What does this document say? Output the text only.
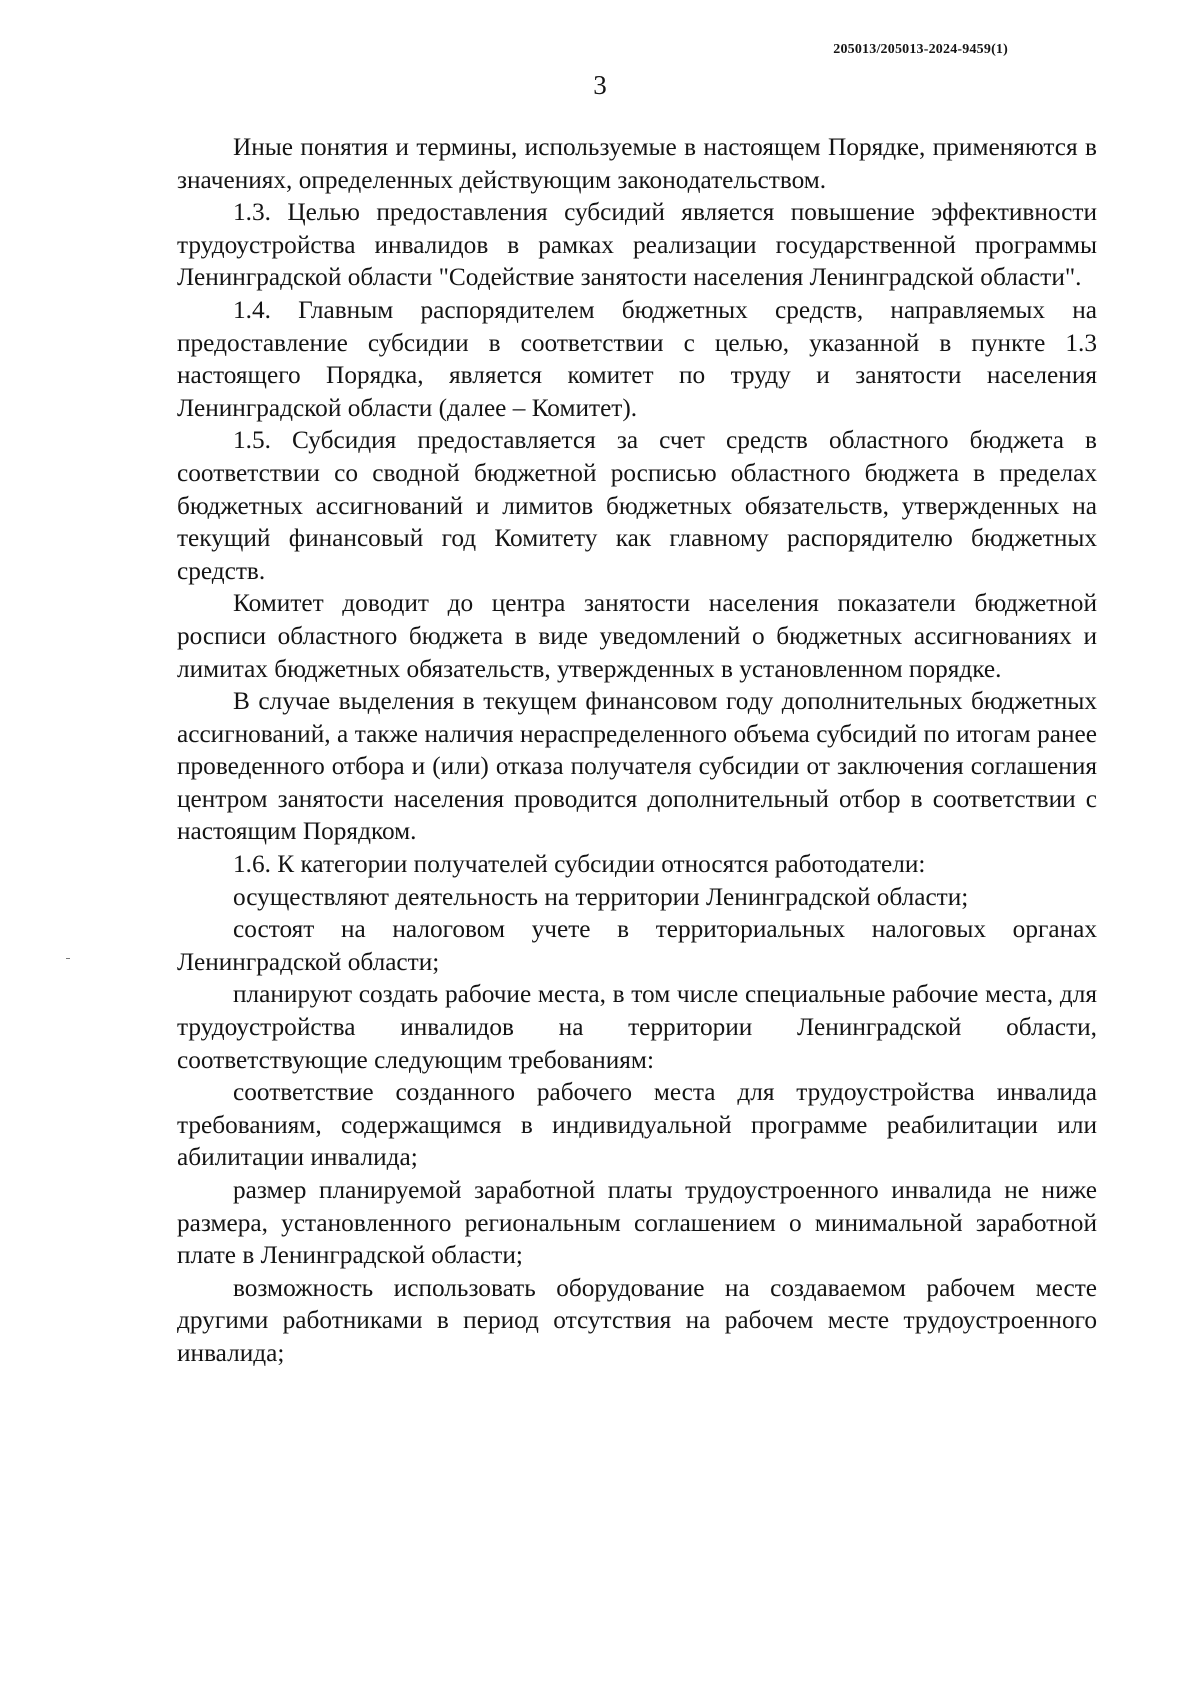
205013/205013-2024-9459(1)
3

Иные понятия и термины, используемые в настоящем Порядке, применяются в значениях, определенных действующим законодательством.

1.3. Целью предоставления субсидий является повышение эффективности трудоустройства инвалидов в рамках реализации государственной программы Ленинградской области "Содействие занятости населения Ленинградской области".

1.4. Главным распорядителем бюджетных средств, направляемых на предоставление субсидии в соответствии с целью, указанной в пункте 1.3 настоящего Порядка, является комитет по труду и занятости населения Ленинградской области (далее – Комитет).

1.5. Субсидия предоставляется за счет средств областного бюджета в соответствии со сводной бюджетной росписью областного бюджета в пределах бюджетных ассигнований и лимитов бюджетных обязательств, утвержденных на текущий финансовый год Комитету как главному распорядителю бюджетных средств.

Комитет доводит до центра занятости населения показатели бюджетной росписи областного бюджета в виде уведомлений о бюджетных ассигнованиях и лимитах бюджетных обязательств, утвержденных в установленном порядке.

В случае выделения в текущем финансовом году дополнительных бюджетных ассигнований, а также наличия нераспределенного объема субсидий по итогам ранее проведенного отбора и (или) отказа получателя субсидии от заключения соглашения центром занятости населения проводится дополнительный отбор в соответствии с настоящим Порядком.

1.6. К категории получателей субсидии относятся работодатели:

осуществляют деятельность на территории Ленинградской области;

состоят на налоговом учете в территориальных налоговых органах Ленинградской области;

планируют создать рабочие места, в том числе специальные рабочие места, для трудоустройства инвалидов на территории Ленинградской области, соответствующие следующим требованиям:

соответствие созданного рабочего места для трудоустройства инвалида требованиям, содержащимся в индивидуальной программе реабилитации или абилитации инвалида;

размер планируемой заработной платы трудоустроенного инвалида не ниже размера, установленного региональным соглашением о минимальной заработной плате в Ленинградской области;

возможность использовать оборудование на создаваемом рабочем месте другими работниками в период отсутствия на рабочем месте трудоустроенного инвалида;
